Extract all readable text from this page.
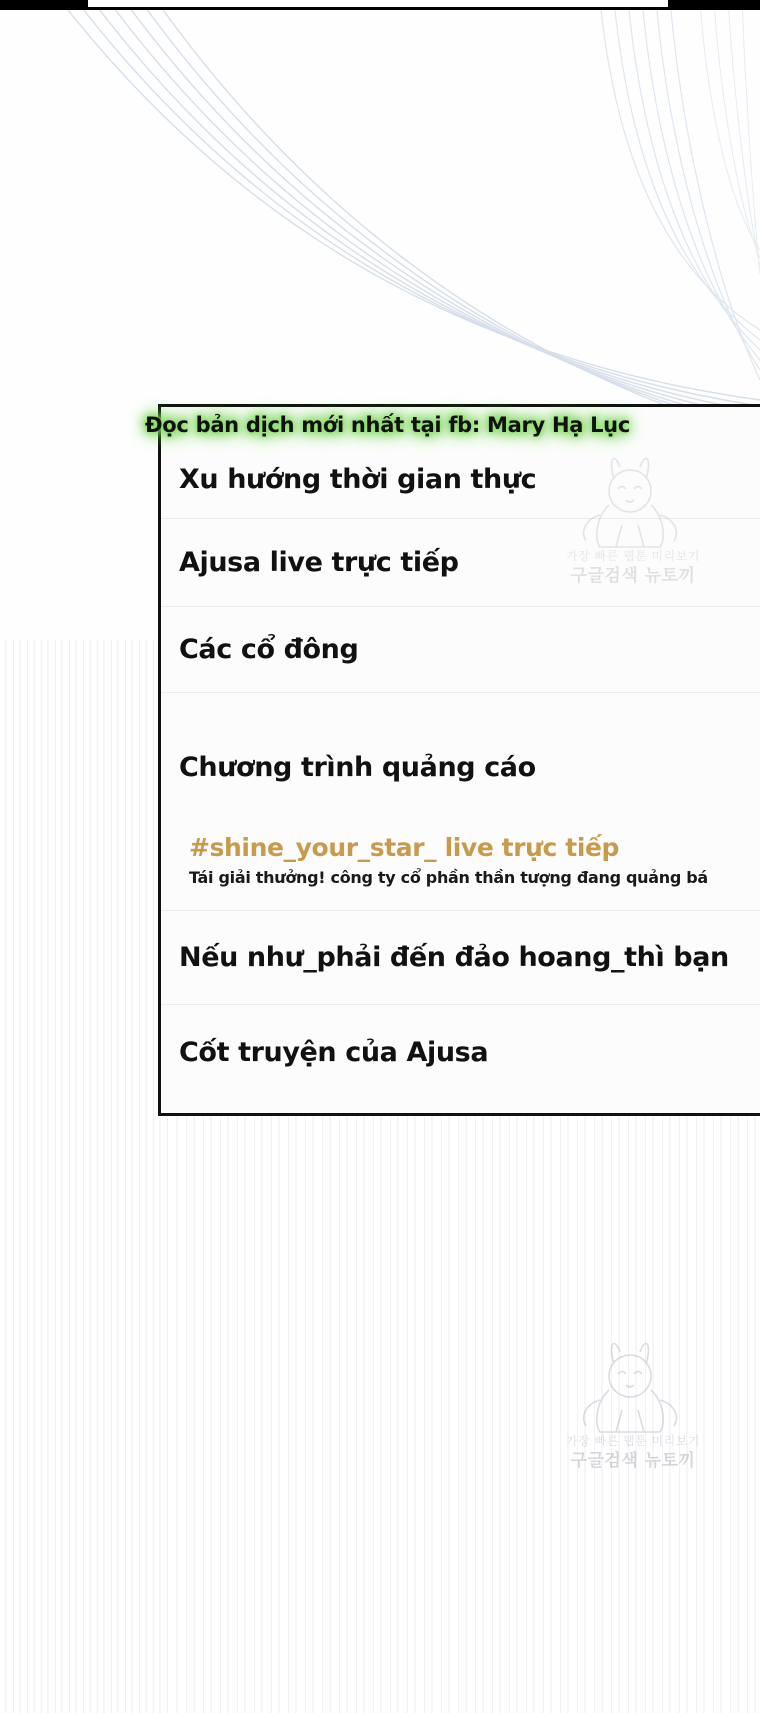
Đọc bản dịch mới nhất tại fb: Mary Hạ Lục
Xu hướng thời gian thực
Ajusa live trực tiếp
Các cổ đông
Chương trình quảng cáo
#shine_your_star_ live trực tiếp
Tái giải thưởng! công ty cổ phần thần tượng đang quảng bá
Nếu như_phải đến đảo hoang_thì bạn
Cốt truyện của Ajusa
가장 빠른 웹툰 미리보기
구글검색 뉴토끼
가장 빠른 웹툰 미리보기
구글검색 뉴토끼
